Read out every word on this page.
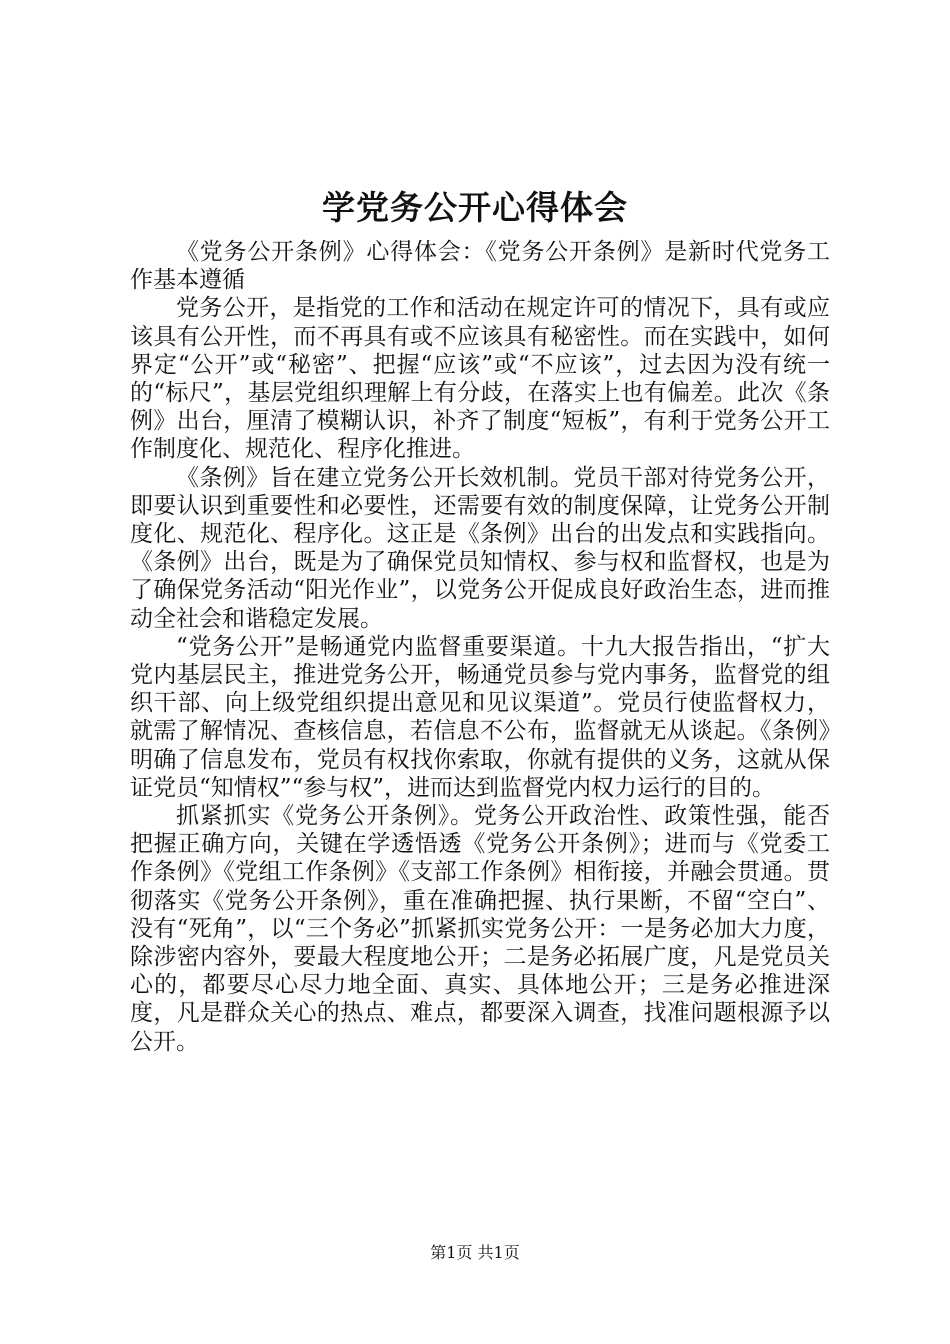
学党务公开心得体会

《党务公开条例》心得体会：《党务公开条例》是新时代党务工作基本遵循

党务公开，是指党的工作和活动在规定许可的情况下，具有或应该具有公开性，而不再具有或不应该具有秘密性。而在实践中，如何界定“公开”或“秘密”、把握“应该”或“不应该”，过去因为没有统一的“标尺”，基层党组织理解上有分歧，在落实上也有偏差。此次《条例》出台，厘清了模糊认识，补齐了制度“短板”，有利于党务公开工作制度化、规范化、程序化推进。

《条例》旨在建立党务公开长效机制。党员干部对待党务公开，即要认识到重要性和必要性，还需要有效的制度保障，让党务公开制度化、规范化、程序化。这正是《条例》出台的出发点和实践指向。《条例》出台，既是为了确保党员知情权、参与权和监督权，也是为了确保党务活动“阳光作业”，以党务公开促成良好政治生态，进而推动全社会和谐稳定发展。

“党务公开”是畅通党内监督重要渠道。十九大报告指出，“扩大党内基层民主，推进党务公开，畅通党员参与党内事务，监督党的组织干部、向上级党组织提出意见和见议渠道”。党员行使监督权力，就需了解情况、查核信息，若信息不公布，监督就无从谈起。《条例》明确了信息发布，党员有权找你索取，你就有提供的义务，这就从保证党员“知情权”“参与权”，进而达到监督党内权力运行的目的。

抓紧抓实《党务公开条例》。党务公开政治性、政策性强，能否把握正确方向，关键在学透悟透《党务公开条例》；进而与《党委工作条例》《党组工作条例》《支部工作条例》相衔接，并融会贯通。贯彻落实《党务公开条例》，重在准确把握、执行果断，不留“空白”、没有“死角”，以“三个务必”抓紧抓实党务公开：一是务必加大力度，除涉密内容外，要最大程度地公开；二是务必拓展广度，凡是党员关心的，都要尽心尽力地全面、真实、具体地公开；三是务必推进深度，凡是群众关心的热点、难点，都要深入调查，找准问题根源予以公开。

第1页 共1页
